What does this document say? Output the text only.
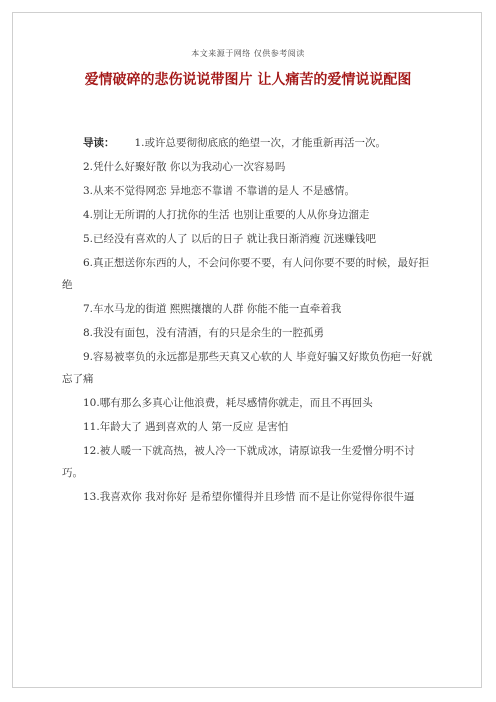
本文来源于网络 仅供参考阅读
爱情破碎的悲伤说说带图片 让人痛苦的爱情说说配图

导读： 1.或许总要彻彻底底的绝望一次，才能重新再活一次。

2.凭什么好聚好散 你以为我动心一次容易吗

3.从来不觉得网恋 异地恋不靠谱 不靠谱的是人 不是感情。

4.别让无所谓的人打扰你的生活 也别让重要的人从你身边溜走

5.已经没有喜欢的人了 以后的日子 就让我日渐消瘦 沉迷赚钱吧

6.真正想送你东西的人，不会问你要不要，有人问你要不要的时候，最好拒绝

7.车水马龙的街道 熙熙攘攘的人群 你能不能一直牵着我

8.我没有面包，没有清酒，有的只是余生的一腔孤勇

9.容易被辜负的永远都是那些天真又心软的人 毕竟好骗又好欺负伤疤一好就忘了痛

10.哪有那么多真心让他浪费，耗尽感情你就走，而且不再回头

11.年龄大了 遇到喜欢的人 第一反应 是害怕

12.被人暖一下就高热，被人冷一下就成冰，请原谅我一生爱憎分明不讨巧。

13.我喜欢你 我对你好 是希望你懂得并且珍惜 而不是让你觉得你很牛逼
